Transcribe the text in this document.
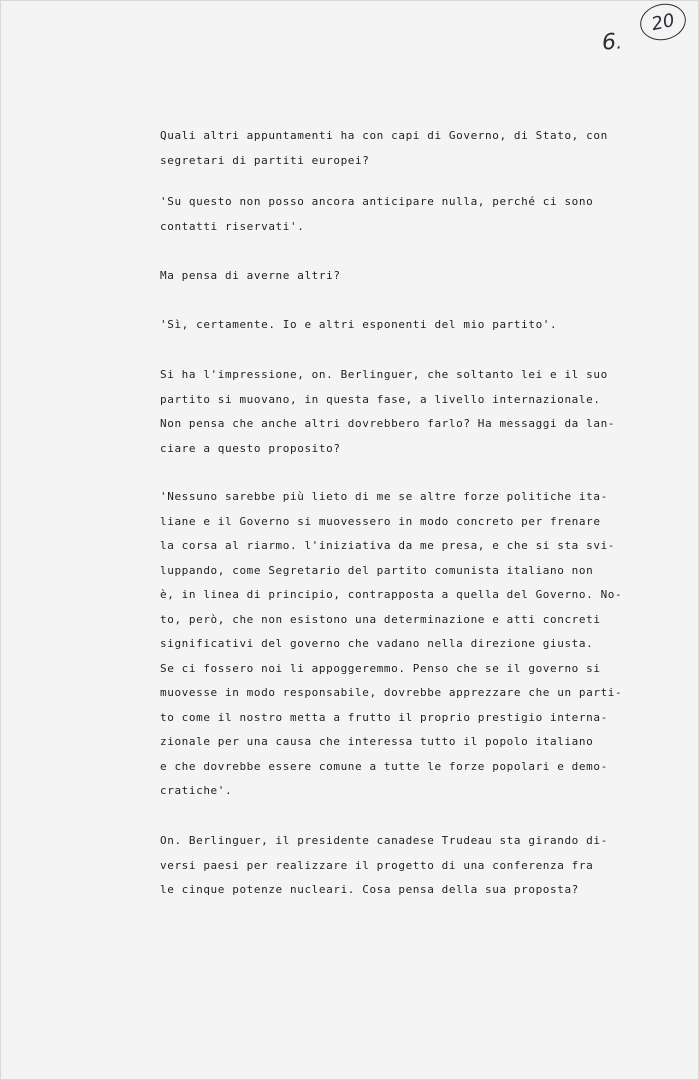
6.
20
Quali altri appuntamenti ha con capi di Governo, di Stato, con
segretari di partiti europei?
'Su questo non posso ancora anticipare nulla, perché ci sono
contatti riservati'.
Ma pensa di averne altri?
'Sì, certamente. Io e altri esponenti del mio partito'.
Si ha l'impressione, on. Berlinguer, che soltanto lei e il suo
partito si muovano, in questa fase, a livello internazionale.
Non pensa che anche altri dovrebbero farlo? Ha messaggi da lan-
ciare a questo proposito?
'Nessuno sarebbe più lieto di me se altre forze politiche ita-
liane e il Governo si muovessero in modo concreto per frenare
la corsa al riarmo. l'iniziativa da me presa, e che si sta svi-
luppando, come Segretario del partito comunista italiano non
è, in linea di principio, contrapposta a quella del Governo. No-
to, però, che non esistono una determinazione e atti concreti
significativi del governo che vadano nella direzione giusta.
Se ci fossero noi li appoggeremmo. Penso che se il governo si
muovesse in modo responsabile, dovrebbe apprezzare che un parti-
to come il nostro metta a frutto il proprio prestigio interna-
zionale per una causa che interessa tutto il popolo italiano
e che dovrebbe essere comune a tutte le forze popolari e demo-
cratiche'.
On. Berlinguer, il presidente canadese Trudeau sta girando di-
versi paesi per realizzare il progetto di una conferenza fra
le cinque potenze nucleari. Cosa pensa della sua proposta?
